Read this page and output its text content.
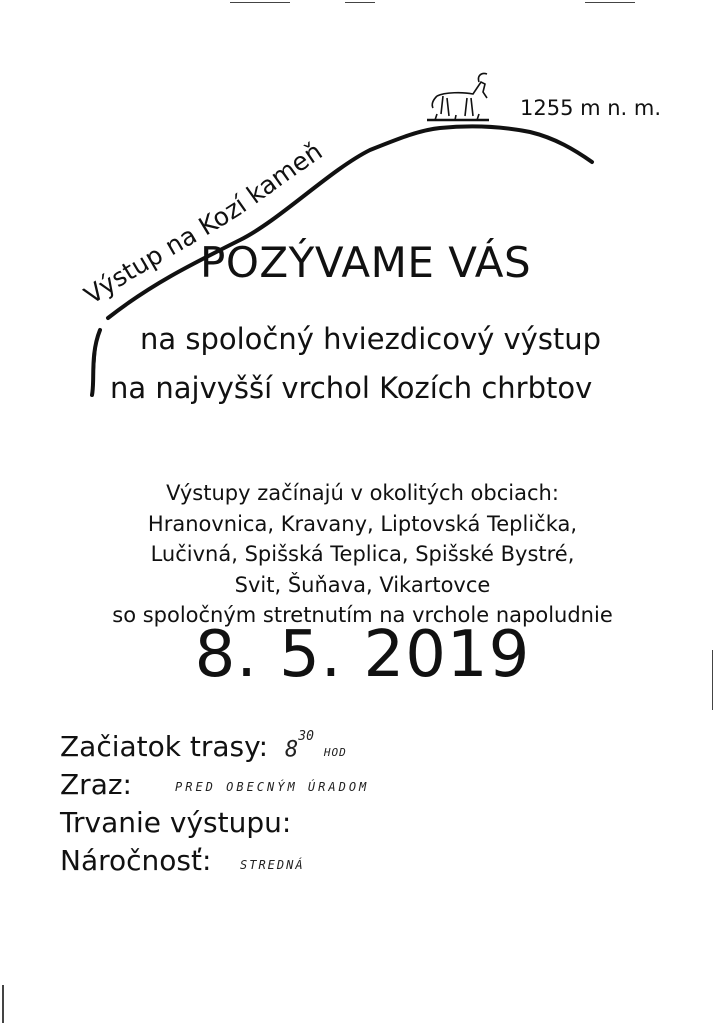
Výstup na Kozí kameň
1255 m n. m.
POZÝVAME VÁS
na spoločný hviezdicový výstup
na najvyšší vrchol Kozích chrbtov
Výstupy začínajú v okolitých obciach:
Hranovnica, Kravany, Liptovská Teplička,
Lučivná, Spišská Teplica, Spišské Bystré,
Svit, Šuňava, Vikartovce
so spoločným stretnutím na vrchole napoludnie
8. 5. 2019
Začiatok trasy: $8^{30}HOD$
Zraz:	PRED OBECNÝM ÚRADOM
Trvanie výstupu:
Náročnosť: STREDNÁ
